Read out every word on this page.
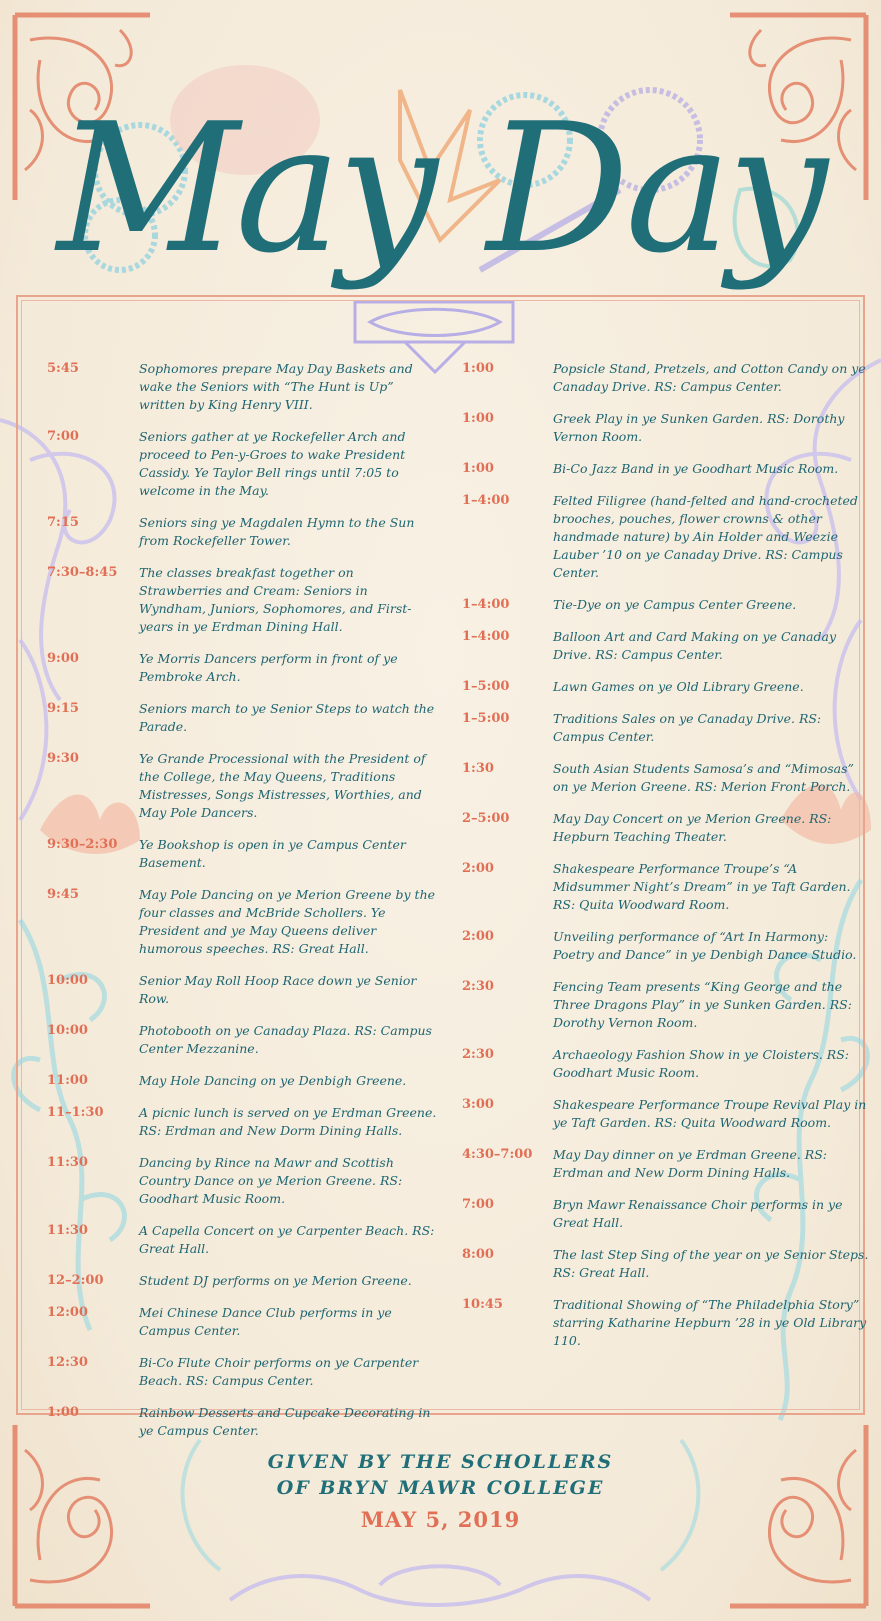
May Day
5:45	Sophomores prepare May Day Baskets and wake the Seniors with “The Hunt is Up” written by King Henry VIII.
7:00	Seniors gather at ye Rockefeller Arch and proceed to Pen-y-Groes to wake President Cassidy. Ye Taylor Bell rings until 7:05 to welcome in the May.
7:15	Seniors sing ye Magdalen Hymn to the Sun from Rockefeller Tower.
7:30–8:45	The classes breakfast together on Strawberries and Cream: Seniors in Wyndham, Juniors, Sophomores, and First-years in ye Erdman Dining Hall.
9:00	Ye Morris Dancers perform in front of ye Pembroke Arch.
9:15	Seniors march to ye Senior Steps to watch the Parade.
9:30	Ye Grande Processional with the President of the College, the May Queens, Traditions Mistresses, Songs Mistresses, Worthies, and May Pole Dancers.
9:30–2:30	Ye Bookshop is open in ye Campus Center Basement.
9:45	May Pole Dancing on ye Merion Greene by the four classes and McBride Schollers. Ye President and ye May Queens deliver humorous speeches. RS: Great Hall.
10:00	Senior May Roll Hoop Race down ye Senior Row.
10:00	Photobooth on ye Canaday Plaza. RS: Campus Center Mezzanine.
11:00	May Hole Dancing on ye Denbigh Greene.
11–1:30	A picnic lunch is served on ye Erdman Greene. RS: Erdman and New Dorm Dining Halls.
11:30	Dancing by Rince na Mawr and Scottish Country Dance on ye Merion Greene. RS: Goodhart Music Room.
11:30	A Capella Concert on ye Carpenter Beach. RS: Great Hall.
12–2:00	Student DJ performs on ye Merion Greene.
12:00	Mei Chinese Dance Club performs in ye Campus Center.
12:30	Bi-Co Flute Choir performs on ye Carpenter Beach. RS: Campus Center.
1:00	Rainbow Desserts and Cupcake Decorating in ye Campus Center.
1:00	Popsicle Stand, Pretzels, and Cotton Candy on ye Canaday Drive. RS: Campus Center.
1:00	Greek Play in ye Sunken Garden. RS: Dorothy Vernon Room.
1:00	Bi-Co Jazz Band in ye Goodhart Music Room.
1–4:00	Felted Filigree (hand-felted and hand-crocheted brooches, pouches, flower crowns & other handmade nature) by Ain Holder and Weezie Lauber ’10 on ye Canaday Drive. RS: Campus Center.
1–4:00	Tie-Dye on ye Campus Center Greene.
1–4:00	Balloon Art and Card Making on ye Canaday Drive. RS: Campus Center.
1–5:00	Lawn Games on ye Old Library Greene.
1–5:00	Traditions Sales on ye Canaday Drive. RS: Campus Center.
1:30	South Asian Students Samosa’s and “Mimosas” on ye Merion Greene. RS: Merion Front Porch.
2–5:00	May Day Concert on ye Merion Greene. RS: Hepburn Teaching Theater.
2:00	Shakespeare Performance Troupe’s “A Midsummer Night’s Dream” in ye Taft Garden. RS: Quita Woodward Room.
2:00	Unveiling performance of “Art In Harmony: Poetry and Dance” in ye Denbigh Dance Studio.
2:30	Fencing Team presents “King George and the Three Dragons Play” in ye Sunken Garden. RS: Dorothy Vernon Room.
2:30	Archaeology Fashion Show in ye Cloisters. RS: Goodhart Music Room.
3:00	Shakespeare Performance Troupe Revival Play in ye Taft Garden. RS: Quita Woodward Room.
4:30–7:00	May Day dinner on ye Erdman Greene. RS: Erdman and New Dorm Dining Halls.
7:00	Bryn Mawr Renaissance Choir performs in ye Great Hall.
8:00	The last Step Sing of the year on ye Senior Steps. RS: Great Hall.
10:45	Traditional Showing of “The Philadelphia Story” starring Katharine Hepburn ’28 in ye Old Library 110.
GIVEN BY THE SCHOLLERS
OF BRYN MAWR COLLEGE
MAY 5, 2019
